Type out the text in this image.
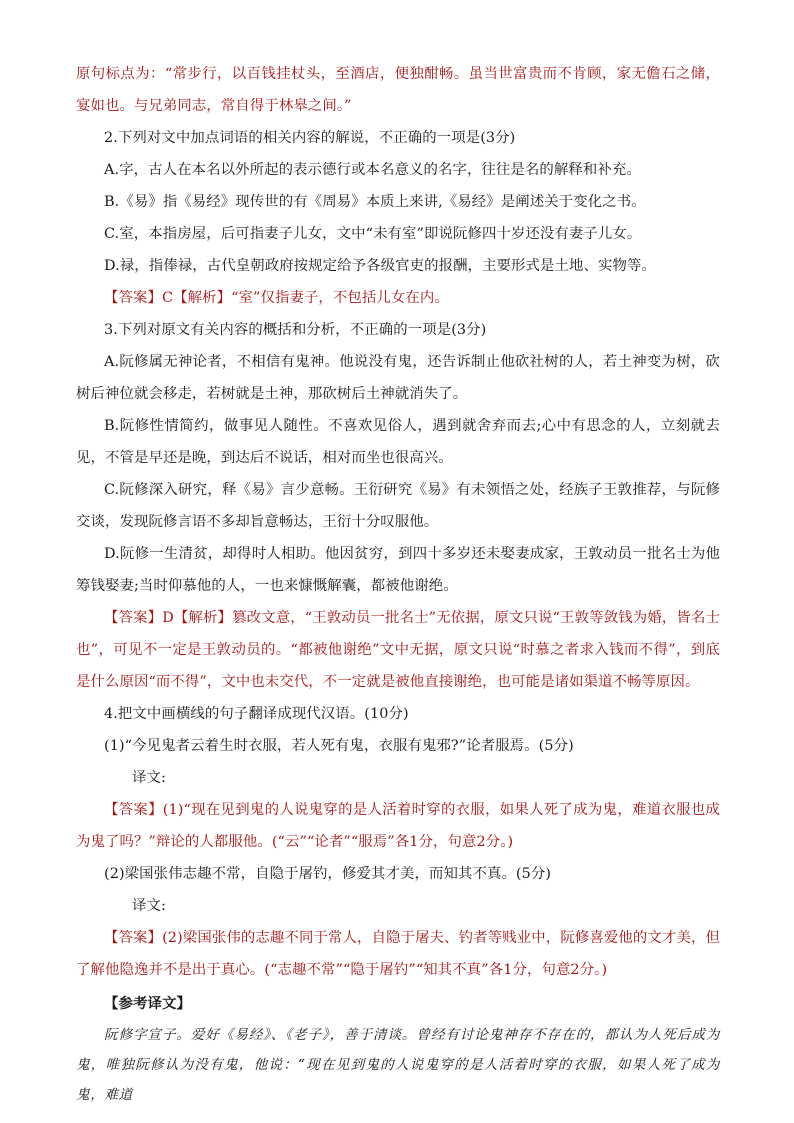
原句标点为：“常步行，以百钱挂杖头，至酒店，便独酣畅。虽当世富贵而不肯顾，家无儋石之储，宴如也。与兄弟同志，常自得于林皋之间。”

2.下列对文中加点词语的相关内容的解说，不正确的一项是(3分)

A.字，古人在本名以外所起的表示德行或本名意义的名字，往往是名的解释和补充。

B.《易》指《易经》现传世的有《周易》本质上来讲,《易经》是阐述关于变化之书。

C.室，本指房屋，后可指妻子儿女，文中“未有室”即说阮修四十岁还没有妻子儿女。

D.禄，指俸禄，古代皇朝政府按规定给予各级官吏的报酬，主要形式是土地、实物等。

【答案】C【解析】“室”仅指妻子，不包括儿女在内。

3.下列对原文有关内容的概括和分析，不正确的一项是(3分)

A.阮修属无神论者，不相信有鬼神。他说没有鬼，还告诉制止他砍社树的人，若土神变为树，砍树后神位就会移走，若树就是土神，那砍树后土神就消失了。

B.阮修性情简约，做事见人随性。不喜欢见俗人，遇到就舍弃而去;心中有思念的人，立刻就去见，不管是早还是晚，到达后不说话，相对而坐也很高兴。

C.阮修深入研究，释《易》言少意畅。王衍研究《易》有未领悟之处，经族子王敦推荐，与阮修交谈，发现阮修言语不多却旨意畅达，王衍十分叹服他。

D.阮修一生清贫，却得时人相助。他因贫穷，到四十多岁还未娶妻成家，王敦动员一批名士为他筹钱娶妻;当时仰慕他的人，一也来慷慨解囊，都被他谢绝。

【答案】D【解析】篡改文意，“王敦动员一批名士”无依据，原文只说“王敦等敛钱为婚，皆名士也”，可见不一定是王敦动员的。“都被他谢绝”文中无据，原文只说“时慕之者求入钱而不得”，到底是什么原因“而不得”，文中也未交代，不一定就是被他直接谢绝，也可能是诸如渠道不畅等原因。

4.把文中画横线的句子翻译成现代汉语。(10分)

(1)“今见鬼者云着生时衣服，若人死有鬼，衣服有鬼邪?”论者服焉。(5分)

译文:

【答案】(1)“现在见到鬼的人说鬼穿的是人活着时穿的衣服，如果人死了成为鬼，难道衣服也成为鬼了吗？”辩论的人都服他。(“云”“论者”“服焉”各1分，句意2分。)

(2)梁国张伟志趣不常，自隐于屠钓，修爱其才美，而知其不真。(5分)

译文:

【答案】(2)梁国张伟的志趣不同于常人，自隐于屠夫、钓者等贱业中，阮修喜爱他的文才美，但了解他隐逸并不是出于真心。(“志趣不常”“隐于屠钓”“知其不真”各1分，句意2分。)

【参考译文】

阮修字宣子。爱好《易经》、《老子》，善于清谈。曾经有讨论鬼神存不存在的，都认为人死后成为鬼，唯独阮修认为没有鬼，他说：“现在见到鬼的人说鬼穿的是人活着时穿的衣服，如果人死了成为鬼，难道
